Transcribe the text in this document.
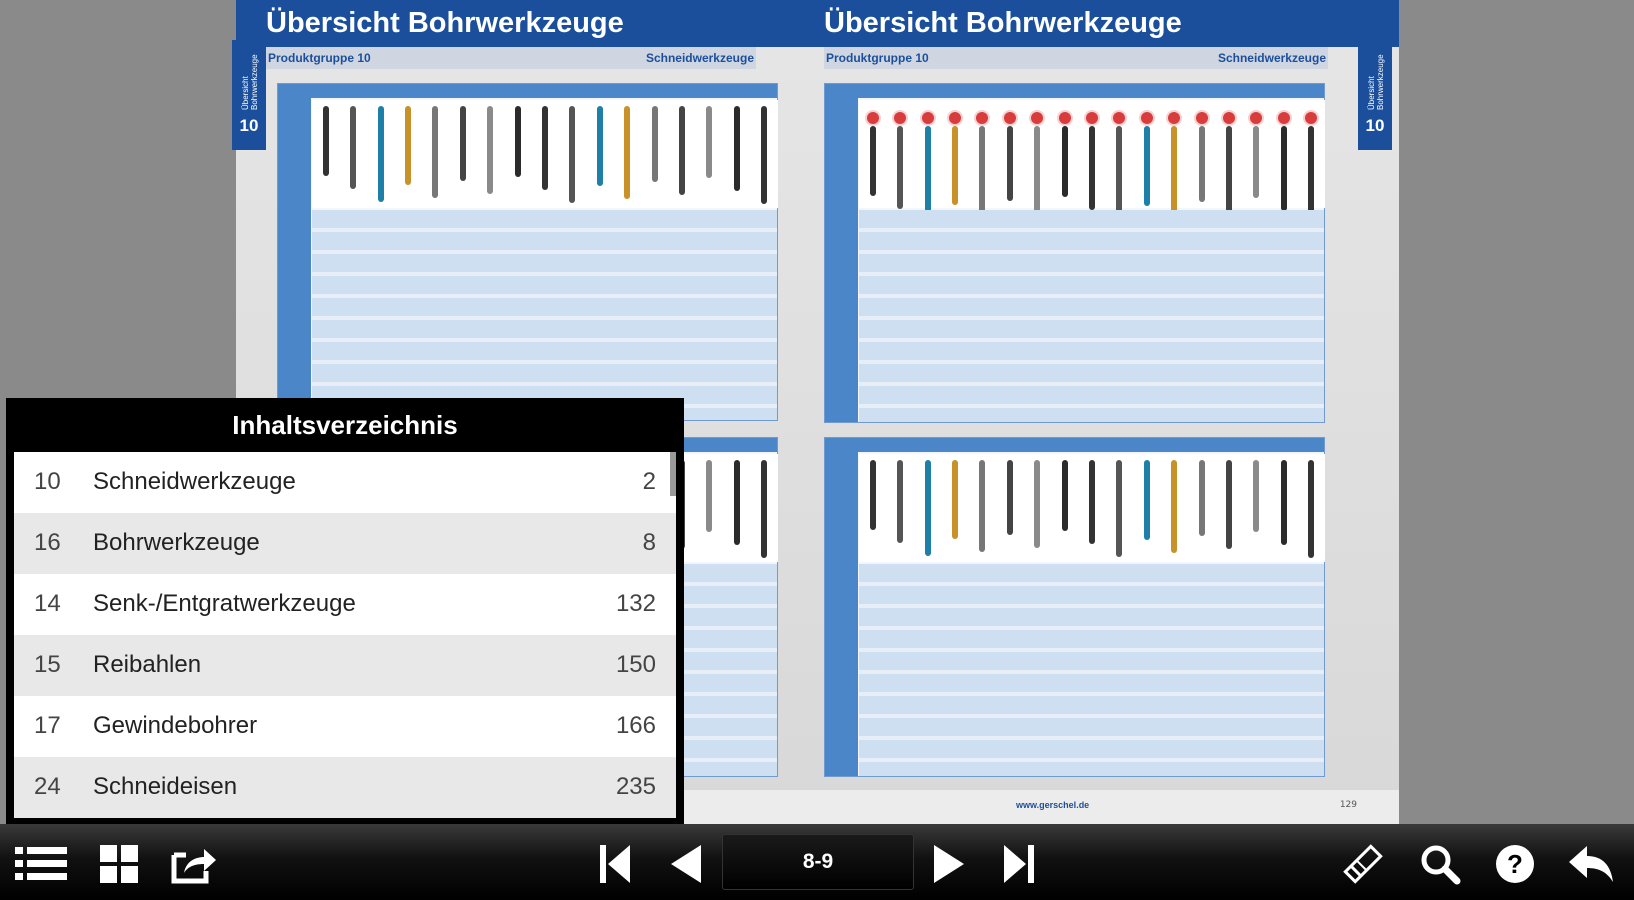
Übersicht Bohrwerkzeuge
Produktgruppe 10	Schneidwerkzeuge
Übersicht Bohrwerkzeuge
10
Übersicht Bohrwerkzeuge
Produktgruppe 10	Schneidwerkzeuge
Übersicht Bohrwerkzeuge
10
www.gerschel.de	129
Inhaltsverzeichnis
10 Schneidwerkzeuge	2
16 Bohrwerkzeuge	8
14 Senk-/Entgratwerkzeuge	132
15 Reibahlen	150
17 Gewindebohrer	166
24 Schneideisen	235
8-9	?
